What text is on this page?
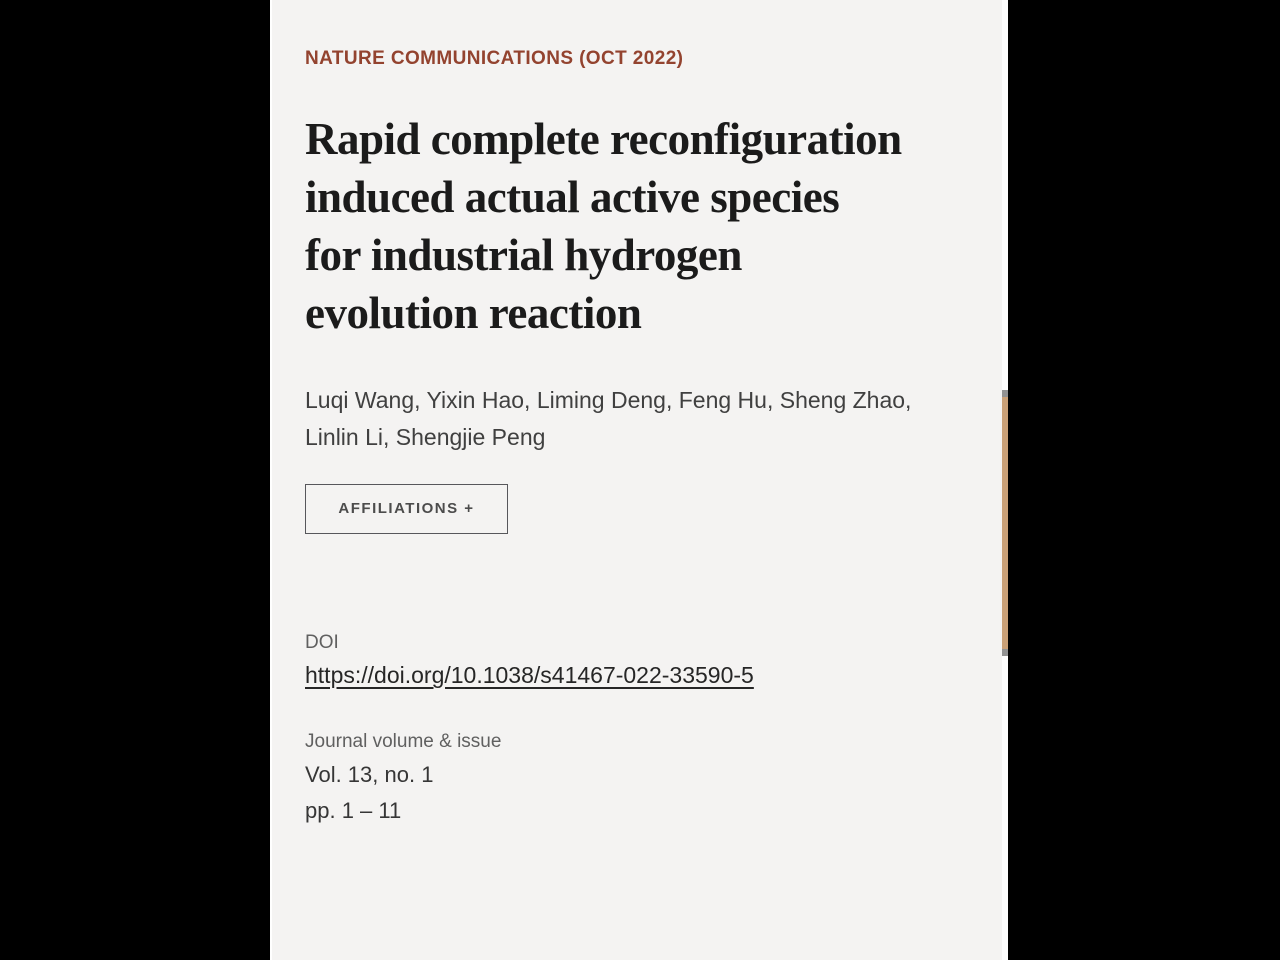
NATURE COMMUNICATIONS (OCT 2022)
Rapid complete reconfiguration induced actual active species for industrial hydrogen evolution reaction
Luqi Wang, Yixin Hao, Liming Deng, Feng Hu, Sheng Zhao, Linlin Li, Shengjie Peng
AFFILIATIONS +
DOI
https://doi.org/10.1038/s41467-022-33590-5
Journal volume & issue
Vol. 13, no. 1
pp. 1 – 11
